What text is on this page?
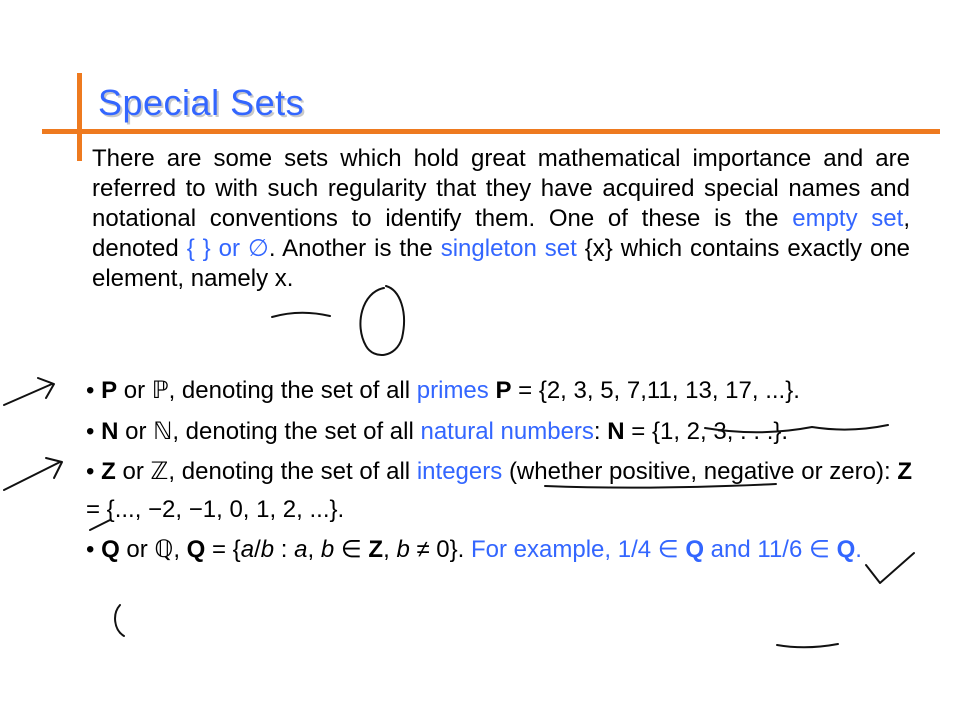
Special Sets

There are some sets which hold great mathematical importance and are referred to with such regularity that they have acquired special names and notational conventions to identify them. One of these is the empty set, denoted { } or ∅. Another is the singleton set {x} which contains exactly one element, namely x.

• P or ℙ, denoting the set of all primes P = {2, 3, 5, 7,11, 13, 17, ...}.
• N or ℕ, denoting the set of all natural numbers: N = {1, 2, 3, . . .}.
• Z or ℤ, denoting the set of all integers (whether positive, negative or zero): Z = {..., −2, −1, 0, 1, 2, ...}.
• Q or ℚ, Q = {a/b : a, b ∈ Z, b ≠ 0}. For example, 1/4 ∈ Q and 11/6 ∈ Q.
